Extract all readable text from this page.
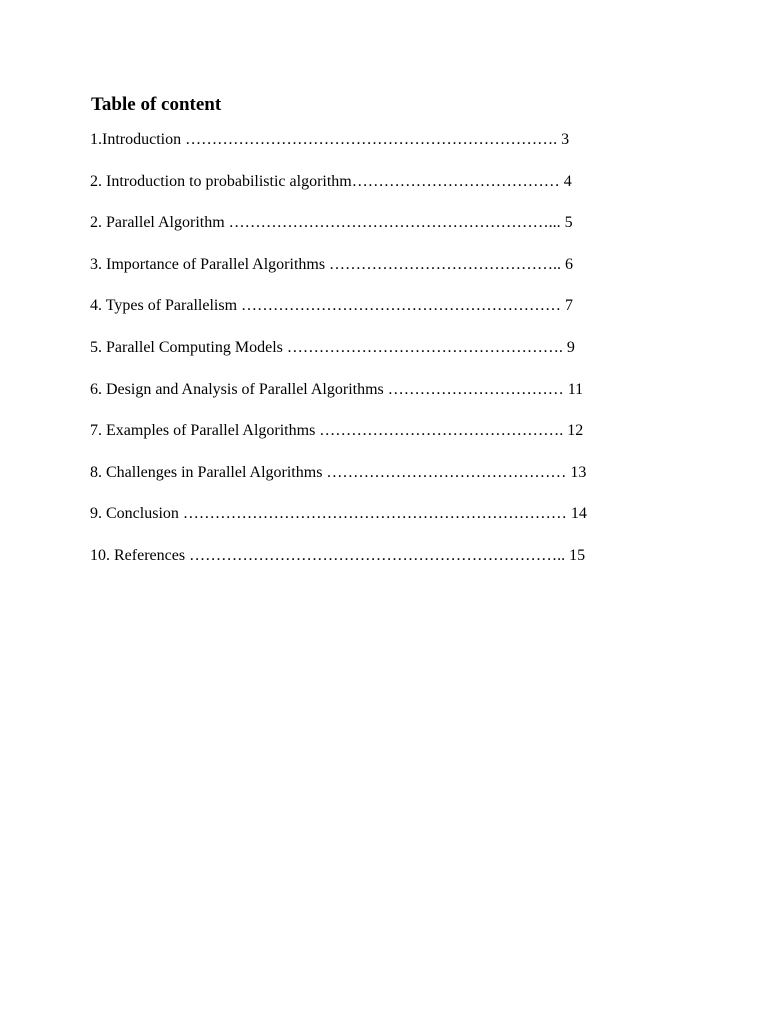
Table of content
1.Introduction ……………………………………………………………. 3
2. Introduction to probabilistic algorithm………………………………… 4
2. Parallel Algorithm ……………………………………………………... 5
3. Importance of Parallel Algorithms …………………………………….. 6
4. Types of Parallelism …………………………………………………… 7
5. Parallel Computing Models ……………………………………………. 9
6. Design and Analysis of Parallel Algorithms …………………………… 11
7. Examples of Parallel Algorithms ………………………………………. 12
8. Challenges in Parallel Algorithms ……………………………………… 13
9. Conclusion ……………………………………………………………… 14
10. References …………………………………………………………….. 15
